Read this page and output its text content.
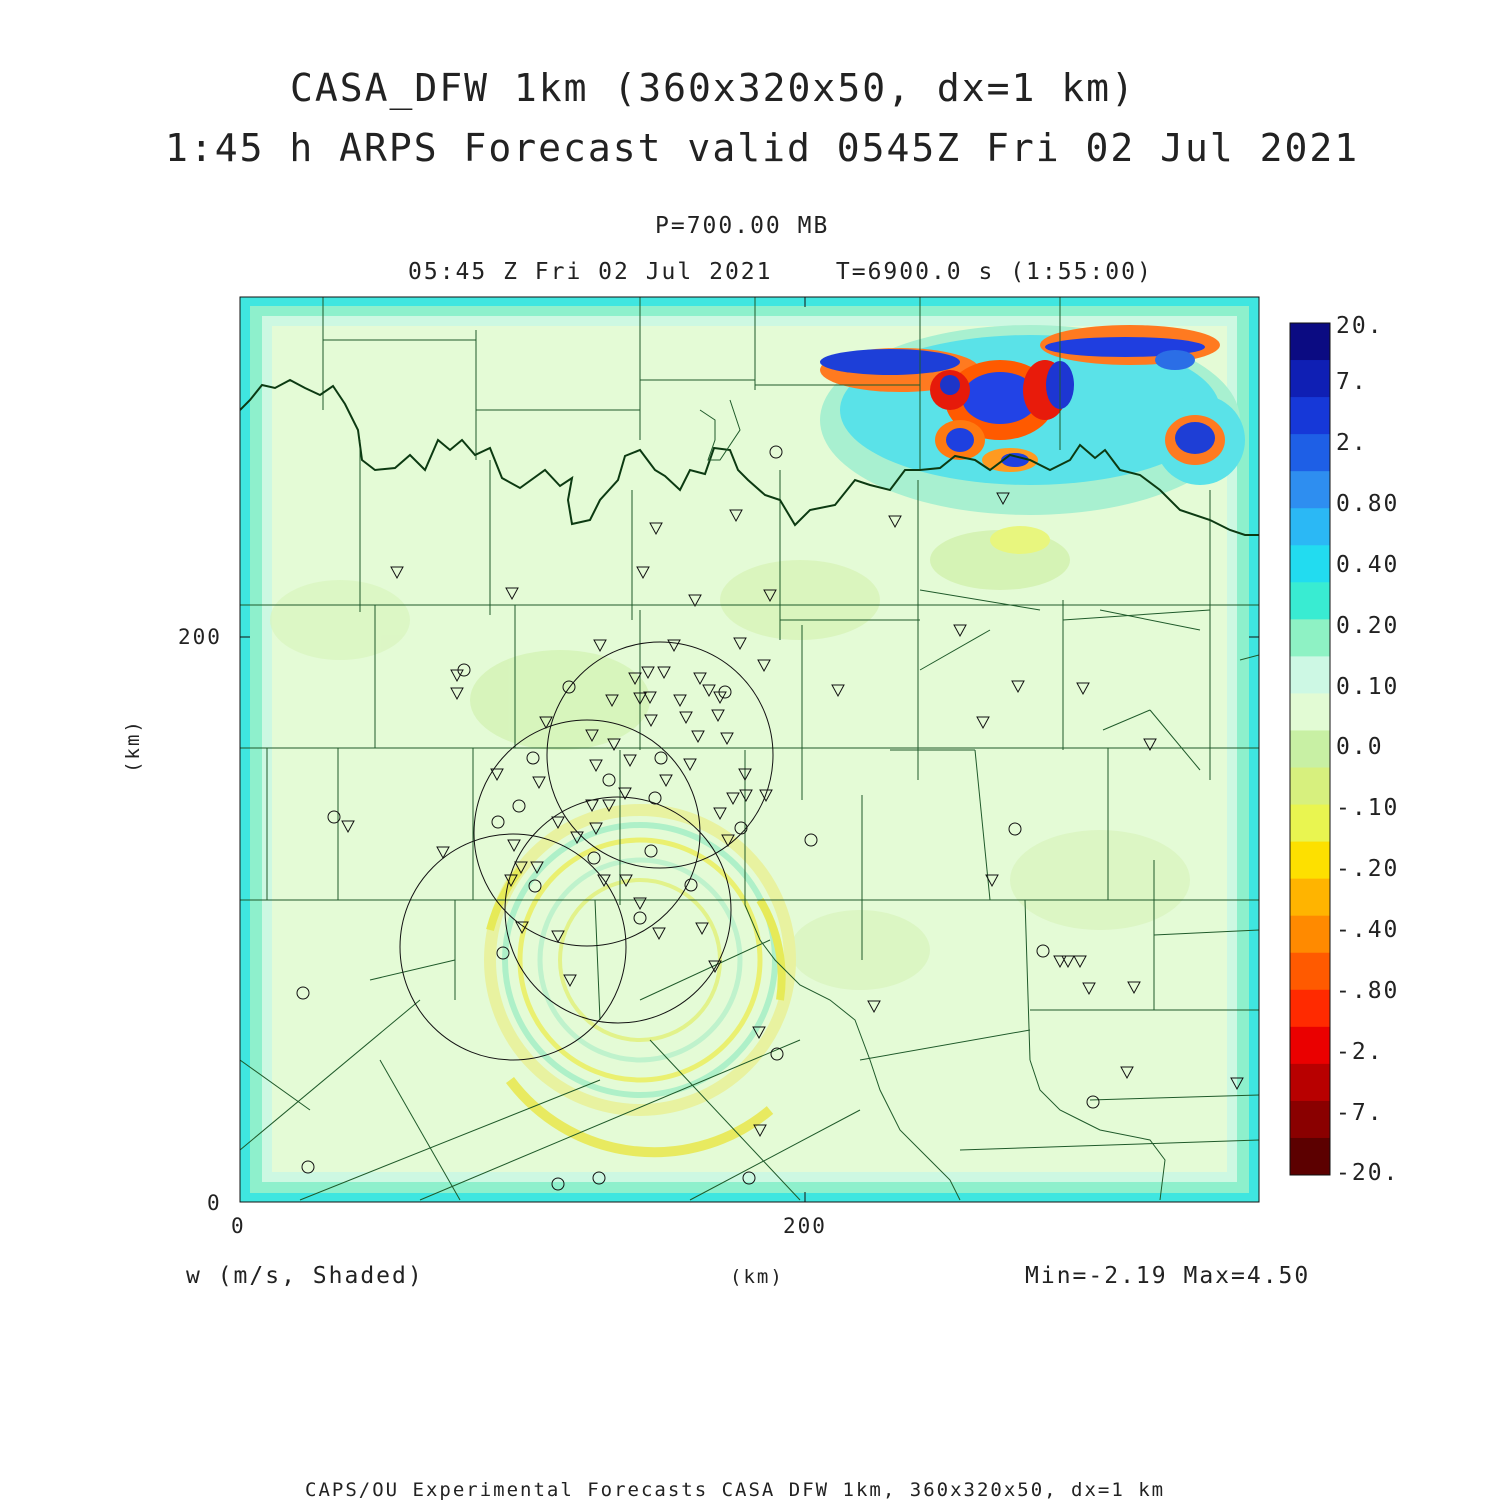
CASA_DFW 1km (360x320x50, dx=1 km)
1:45 h ARPS Forecast valid 0545Z Fri 02 Jul 2021
P=700.00 MB
05:45 Z Fri 02 Jul 2021    T=6900.0 s (1:55:00)
(km)
200
0
0	200
(km)
w (m/s, Shaded)	Min=-2.19 Max=4.50
20.
7.
2.
0.80
0.40
0.20
0.10
0.0
-.10
-.20
-.40
-.80
-2.
-7.
-20.
CAPS/OU Experimental Forecasts CASA DFW 1km, 360x320x50, dx=1 km
